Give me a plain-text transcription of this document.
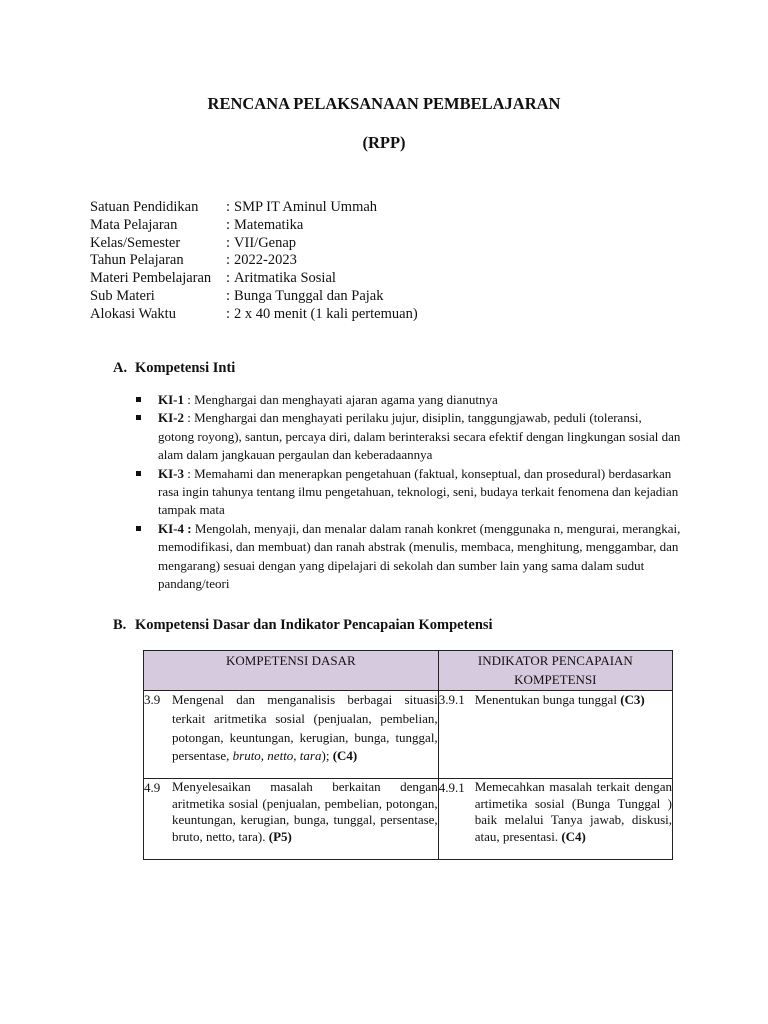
RENCANA PELAKSANAAN PEMBELAJARAN
(RPP)
Satuan Pendidikan	: SMP IT Aminul Ummah
Mata Pelajaran	: Matematika
Kelas/Semester	: VII/Genap
Tahun Pelajaran	: 2022-2023
Materi Pembelajaran	: Aritmatika Sosial
Sub Materi	: Bunga Tunggal dan Pajak
Alokasi Waktu	: 2 x 40 menit (1 kali pertemuan)
A. Kompetensi Inti

KI-1 : Menghargai dan menghayati ajaran agama yang dianutnya

KI-2 : Menghargai dan menghayati perilaku jujur, disiplin, tanggungjawab, peduli (toleransi, gotong royong), santun, percaya diri, dalam berinteraksi secara efektif dengan lingkungan sosial dan alam dalam jangkauan pergaulan dan keberadaannya

KI-3 : Memahami dan menerapkan pengetahuan (faktual, konseptual, dan prosedural) berdasarkan rasa ingin tahunya tentang ilmu pengetahuan, teknologi, seni, budaya terkait fenomena dan kejadian tampak mata

KI-4 : Mengolah, menyaji, dan menalar dalam ranah konkret (menggunaka n, mengurai, merangkai, memodifikasi, dan membuat) dan ranah abstrak (menulis, membaca, menghitung, menggambar, dan mengarang) sesuai dengan yang dipelajari di sekolah dan sumber lain yang sama dalam sudut pandang/teori

B. Kompetensi Dasar dan Indikator Pencapaian Kompetensi
KOMPETENSI DASAR	INDIKATOR PENCAPAIAN KOMPETENSI

3.9 Mengenal dan menganalisis berbagai situasi terkait aritmetika sosial (penjualan, pembelian, potongan, keuntungan, kerugian, bunga, tunggal, persentase, bruto, netto, tara); (C4)	3.9.1 Menentukan bunga tunggal (C3)

4.9 Menyelesaikan masalah berkaitan dengan aritmetika sosial (penjualan, pembelian, potongan, keuntungan, kerugian, bunga, tunggal, persentase, bruto, netto, tara). (P5)	4.9.1 Memecahkan masalah terkait dengan artimetika sosial (Bunga Tunggal ) baik melalui Tanya jawab, diskusi, atau, presentasi. (C4)
